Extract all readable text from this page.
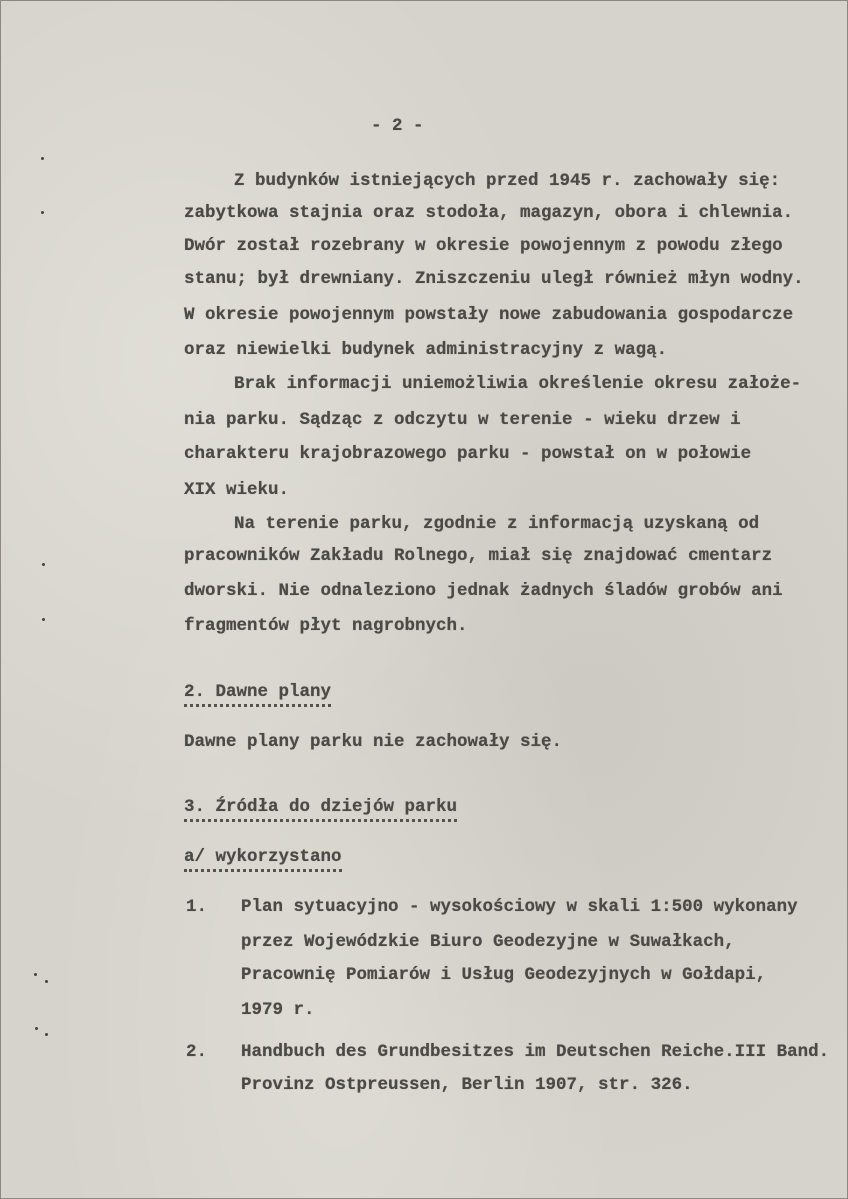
- 2 -
Z budynków istniejących przed 1945 r. zachowały się:
zabytkowa stajnia oraz stodoła, magazyn, obora i chlewnia.
Dwór został rozebrany w okresie powojennym z powodu złego
stanu; był drewniany. Zniszczeniu uległ również młyn wodny.
W okresie powojennym powstały nowe zabudowania gospodarcze
oraz niewielki budynek administracyjny z wagą.
Brak informacji uniemożliwia określenie okresu założe-
nia parku. Sądząc z odczytu w terenie - wieku drzew i
charakteru krajobrazowego parku - powstał on w połowie
XIX wieku.
Na terenie parku, zgodnie z informacją uzyskaną od
pracowników Zakładu Rolnego, miał się znajdować cmentarz
dworski. Nie odnaleziono jednak żadnych śladów grobów ani
fragmentów płyt nagrobnych.
2. Dawne plany
Dawne plany parku nie zachowały się.
3. Źródła do dziejów parku
a/ wykorzystano
1. Plan sytuacyjno - wysokościowy w skali 1:500 wykonany
przez Wojewódzkie Biuro Geodezyjne w Suwałkach,
Pracownię Pomiarów i Usług Geodezyjnych w Gołdapi,
1979 r.
2. Handbuch des Grundbesitzes im Deutschen Reiche.III Band.
Provinz Ostpreussen, Berlin 1907, str. 326.
